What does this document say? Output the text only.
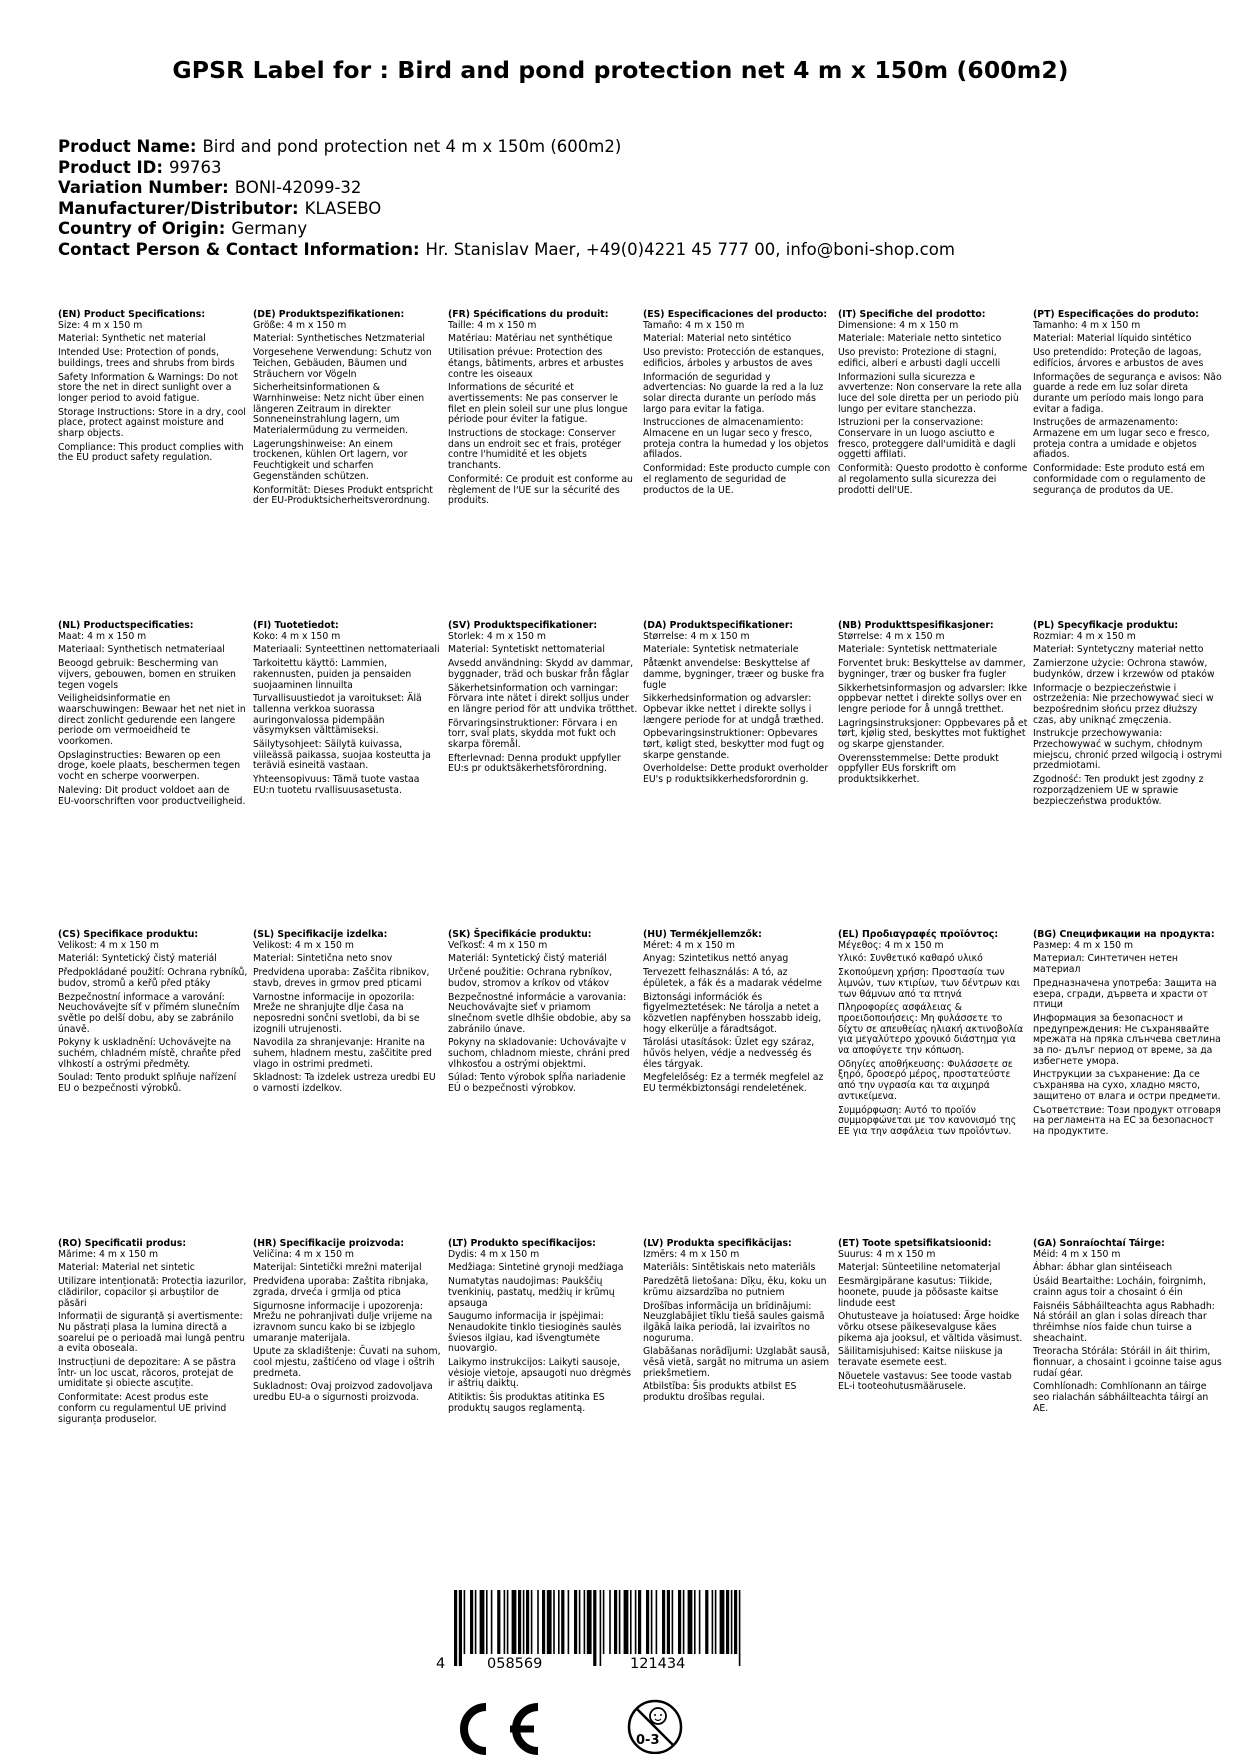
GPSR Label for : Bird and pond protection net 4 m x 150m (600m2)
Product Name: Bird and pond protection net 4 m x 150m (600m2)
Product ID: 99763
Variation Number: BONI-42099-32
Manufacturer/Distributor: KLASEBO
Country of Origin: Germany
Contact Person & Contact Information: Hr. Stanislav Maer, +49(0)4221 45 777 00, info@boni-shop.com
(EN) Product Specifications:
Size: 4 m x 150 m
Material: Synthetic net material
Intended Use: Protection of ponds, buildings, trees and shrubs from birds
Safety Information & Warnings: Do not store the net in direct sunlight over a longer period to avoid fatigue.
Storage Instructions: Store in a dry, cool place, protect against moisture and sharp objects.
Compliance: This product complies with the EU product safety regulation.
(DE) Produktspezifikationen:
Größe: 4 m x 150 m
Material: Synthetisches Netzmaterial
Vorgesehene Verwendung: Schutz von Teichen, Gebäuden, Bäumen und Sträuchern vor Vögeln
Sicherheitsinformationen & Warnhinweise: Netz nicht über einen längeren Zeitraum in direkter Sonneneinstrahlung lagern, um Materialermüdung zu vermeiden.
Lagerungshinweise: An einem trockenen, kühlen Ort lagern, vor Feuchtigkeit und scharfen Gegenständen schützen.
Konformität: Dieses Produkt entspricht der EU-Produktsicherheitsverordnung.
(FR) Spécifications du produit:
Taille: 4 m x 150 m
Matériau: Matériau net synthétique
Utilisation prévue: Protection des étangs, bâtiments, arbres et arbustes contre les oiseaux
Informations de sécurité et avertissements: Ne pas conserver le filet en plein soleil sur une plus longue période pour éviter la fatigue.
Instructions de stockage: Conserver dans un endroit sec et frais, protéger contre l'humidité et les objets tranchants.
Conformité: Ce produit est conforme au règlement de l'UE sur la sécurité des produits.
(ES) Especificaciones del producto:
Tamaño: 4 m x 150 m
Material: Material neto sintético
Uso previsto: Protección de estanques, edificios, árboles y arbustos de aves
Información de seguridad y advertencias: No guarde la red a la luz solar directa durante un período más largo para evitar la fatiga.
Instrucciones de almacenamiento: Almacene en un lugar seco y fresco, proteja contra la humedad y los objetos afilados.
Conformidad: Este producto cumple con el reglamento de seguridad de productos de la UE.
(IT) Specifiche del prodotto:
Dimensione: 4 m x 150 m
Materiale: Materiale netto sintetico
Uso previsto: Protezione di stagni, edifici, alberi e arbusti dagli uccelli
Informazioni sulla sicurezza e avvertenze: Non conservare la rete alla luce del sole diretta per un periodo più lungo per evitare stanchezza.
Istruzioni per la conservazione: Conservare in un luogo asciutto e fresco, proteggere dall'umidità e dagli oggetti affilati.
Conformità: Questo prodotto è conforme al regolamento sulla sicurezza dei prodotti dell'UE.
(PT) Especificações do produto:
Tamanho: 4 m x 150 m
Material: Material líquido sintético
Uso pretendido: Proteção de lagoas, edifícios, árvores e arbustos de aves
Informações de segurança e avisos: Não guarde a rede em luz solar direta durante um período mais longo para evitar a fadiga.
Instruções de armazenamento: Armazene em um lugar seco e fresco, proteja contra a umidade e objetos afiados.
Conformidade: Este produto está em conformidade com o regulamento de segurança de produtos da UE.
(NL) Productspecificaties:
Maat: 4 m x 150 m
Materiaal: Synthetisch netmateriaal
Beoogd gebruik: Bescherming van vijvers, gebouwen, bomen en struiken tegen vogels
Veiligheidsinformatie en waarschuwingen: Bewaar het net niet in direct zonlicht gedurende een langere periode om vermoeidheid te voorkomen.
Opslaginstructies: Bewaren op een droge, koele plaats, beschermen tegen vocht en scherpe voorwerpen.
Naleving: Dit product voldoet aan de EU-voorschriften voor productveiligheid.
(FI) Tuotetiedot:
Koko: 4 m x 150 m
Materiaali: Synteettinen nettomateriaali
Tarkoitettu käyttö: Lammien, rakennusten, puiden ja pensaiden suojaaminen linnuilta
Turvallisuustiedot ja varoitukset: Älä tallenna verkkoa suorassa auringonvalossa pidempään väsymyksen välttämiseksi.
Säilytysohjeet: Säilytä kuivassa, viileässä paikassa, suojaa kosteutta ja teräviä esineitä vastaan.
Yhteensopivuus: Tämä tuote vastaa EU:n tuotetu rvallisuusasetusta.
(SV) Produktspecifikationer:
Storlek: 4 m x 150 m
Material: Syntetiskt nettomaterial
Avsedd användning: Skydd av dammar, byggnader, träd och buskar från fåglar
Säkerhetsinformation och varningar: Förvara inte nätet i direkt solljus under en längre period för att undvika trötthet.
Förvaringsinstruktioner: Förvara i en torr, sval plats, skydda mot fukt och skarpa föremål.
Efterlevnad: Denna produkt uppfyller EU:s pr oduktsäkerhetsförordning.
(DA) Produktspecifikationer:
Størrelse: 4 m x 150 m
Materiale: Syntetisk netmateriale
Påtænkt anvendelse: Beskyttelse af damme, bygninger, træer og buske fra fugle
Sikkerhedsinformation og advarsler: Opbevar ikke nettet i direkte sollys i længere periode for at undgå træthed.
Opbevaringsinstruktioner: Opbevares tørt, køligt sted, beskytter mod fugt og skarpe genstande.
Overholdelse: Dette produkt overholder EU's p roduktsikkerhedsforordnin g.
(NB) Produkttspesifikasjoner:
Størrelse: 4 m x 150 m
Materiale: Syntetisk nettmateriale
Forventet bruk: Beskyttelse av dammer, bygninger, trær og busker fra fugler
Sikkerhetsinformasjon og advarsler: Ikke oppbevar nettet i direkte sollys over en lengre periode for å unngå tretthet.
Lagringsinstruksjoner: Oppbevares på et tørt, kjølig sted, beskyttes mot fuktighet og skarpe gjenstander.
Overensstemmelse: Dette produkt oppfyller EUs forskrift om produktsikkerhet.
(PL) Specyfikacje produktu:
Rozmiar: 4 m x 150 m
Materiał: Syntetyczny materiał netto
Zamierzone użycie: Ochrona stawów, budynków, drzew i krzewów od ptaków
Informacje o bezpieczeństwie i ostrzeżenia: Nie przechowywać sieci w bezpośrednim słońcu przez dłuższy czas, aby uniknąć zmęczenia.
Instrukcje przechowywania: Przechowywać w suchym, chłodnym miejscu, chronić przed wilgocią i ostrymi przedmiotami.
Zgodność: Ten produkt jest zgodny z rozporządzeniem UE w sprawie bezpieczeństwa produktów.
(CS) Specifikace produktu:
Velikost: 4 m x 150 m
Materiál: Syntetický čistý materiál
Předpokládané použití: Ochrana rybníků, budov, stromů a keřů před ptáky
Bezpečnostní informace a varování: Neuchovávejte síť v přímém slunečním světle po delší dobu, aby se zabránilo únavě.
Pokyny k uskladnění: Uchovávejte na suchém, chladném místě, chraňte před vlhkostí a ostrými předměty.
Soulad: Tento produkt splňuje nařízení EU o bezpečnosti výrobků.
(SL) Specifikacije izdelka:
Velikost: 4 m x 150 m
Material: Sintetična neto snov
Predvidena uporaba: Zaščita ribnikov, stavb, dreves in grmov pred pticami
Varnostne informacije in opozorila: Mreže ne shranjujte dlje časa na neposredni sončni svetlobi, da bi se izognili utrujenosti.
Navodila za shranjevanje: Hranite na suhem, hladnem mestu, zaščitite pred vlago in ostrimi predmeti.
Skladnost: Ta izdelek ustreza uredbi EU o varnosti izdelkov.
(SK) Špecifikácie produktu:
Veľkosť: 4 m x 150 m
Materiál: Syntetický čistý materiál
Určené použitie: Ochrana rybníkov, budov, stromov a kríkov od vtákov
Bezpečnostné informácie a varovania: Neuchovávajte sieť v priamom slnečnom svetle dlhšie obdobie, aby sa zabránilo únave.
Pokyny na skladovanie: Uchovávajte v suchom, chladnom mieste, chráni pred vlhkosťou a ostrými objektmi.
Súlad: Tento výrobok spĺňa nariadenie EÚ o bezpečnosti výrobkov.
(HU) Termékjellemzők:
Méret: 4 m x 150 m
Anyag: Szintetikus nettó anyag
Tervezett felhasználás: A tó, az épületek, a fák és a madarak védelme
Biztonsági információk és figyelmeztetések: Ne tárolja a netet a közvetlen napfényben hosszabb ideig, hogy elkerülje a fáradtságot.
Tárolási utasítások: Üzlet egy száraz, hűvös helyen, védje a nedvesség és éles tárgyak.
Megfelelőség: Ez a termék megfelel az EU termékbiztonsági rendeletének.
(EL) Προδιαγραφές προϊόντος:
Μέγεθος: 4 m x 150 m
Υλικό: Συνθετικό καθαρό υλικό
Σκοπούμενη χρήση: Προστασία των λιμνών, των κτιρίων, των δέντρων και των θάμνων από τα πτηνά
Πληροφορίες ασφάλειας & προειδοποιήσεις: Μη φυλάσσετε το δίχτυ σε απευθείας ηλιακή ακτινοβολία για μεγαλύτερο χρονικό διάστημα για να αποφύγετε την κόπωση.
Οδηγίες αποθήκευσης: Φυλάσσετε σε ξηρό, δροσερό μέρος, προστατεύστε από την υγρασία και τα αιχμηρά αντικείμενα.
Συμμόρφωση: Αυτό το προϊόν συμμορφώνεται με τον κανονισμό της ΕΕ για την ασφάλεια των προϊόντων.
(BG) Спецификации на продукта:
Размер: 4 m x 150 m
Материал: Синтетичен нетен материал
Предназначена употреба: Защита на езера, сгради, дървета и храсти от птици
Информация за безопасност и предупреждения: Не съхранявайте мрежата на пряка слънчева светлина за по- дълъг период от време, за да избегнете умора.
Инструкции за съхранение: Да се съхранява на сухо, хладно място, защитено от влага и остри предмети.
Съответствие: Този продукт отговаря на регламента на ЕС за безопасност на продуктите.
(RO) Specificatii produs:
Mărime: 4 m x 150 m
Material: Material net sintetic
Utilizare intenționată: Protecția iazurilor, clădirilor, copacilor și arbuștilor de păsări
Informații de siguranță și avertismente: Nu păstrați plasa la lumina directă a soarelui pe o perioadă mai lungă pentru a evita oboseala.
Instrucțiuni de depozitare: A se păstra într- un loc uscat, răcoros, protejat de umiditate și obiecte ascuțite.
Conformitate: Acest produs este conform cu regulamentul UE privind siguranța produselor.
(HR) Specifikacije proizvoda:
Veličina: 4 m x 150 m
Materijal: Sintetički mrežni materijal
Predviđena uporaba: Zaštita ribnjaka, zgrada, drveća i grmlja od ptica
Sigurnosne informacije i upozorenja: Mrežu ne pohranjivati dulje vrijeme na izravnom suncu kako bi se izbjeglo umaranje materijala.
Upute za skladištenje: Čuvati na suhom, cool mjestu, zaštićeno od vlage i oštrih predmeta.
Sukladnost: Ovaj proizvod zadovoljava uredbu EU-a o sigurnosti proizvoda.
(LT) Produkto specifikacijos:
Dydis: 4 m x 150 m
Medžiaga: Sintetinė grynoji medžiaga
Numatytas naudojimas: Paukščių tvenkinių, pastatų, medžių ir krūmų apsauga
Saugumo informacija ir įspėjimai: Nenaudokite tinklo tiesioginės saulės šviesos ilgiau, kad išvengtumėte nuovargio.
Laikymo instrukcijos: Laikyti sausoje, vėsioje vietoje, apsaugoti nuo drėgmės ir aštrių daiktų.
Atitiktis: Šis produktas atitinka ES produktų saugos reglamentą.
(LV) Produkta specifikācijas:
Izmērs: 4 m x 150 m
Materiāls: Sintētiskais neto materiāls
Paredzētā lietošana: Dīķu, ēku, koku un krūmu aizsardzība no putniem
Drošības informācija un brīdinājumi: Neuzglabājiet tīklu tiešā saules gaismā ilgākā laika periodā, lai izvairītos no noguruma.
Glabāšanas norādījumi: Uzglabāt sausā, vēsā vietā, sargāt no mitruma un asiem priekšmetiem.
Atbilstība: Šis produkts atbilst ES produktu drošības regulai.
(ET) Toote spetsifikatsioonid:
Suurus: 4 m x 150 m
Materjal: Sünteetiline netomaterjal
Eesmärgipärane kasutus: Tiikide, hoonete, puude ja põõsaste kaitse lindude eest
Ohutusteave ja hoiatused: Ärge hoidke võrku otsese päikesevalguse käes pikema aja jooksul, et vältida väsimust.
Säilitamisjuhised: Kaitse niiskuse ja teravate esemete eest.
Nõuetele vastavus: See toode vastab EL-i tooteohutusmäärusele.
(GA) Sonraíochtaí Táirge:
Méid: 4 m x 150 m
Ábhar: ábhar glan sintéiseach
Úsáid Beartaithe: Locháin, foirgnimh, crainn agus toir a chosaint ó éin
Faisnéis Sábháilteachta agus Rabhadh: Ná stóráil an glan i solas díreach thar thréimhse níos faide chun tuirse a sheachaint.
Treoracha Stórála: Stóráil in áit thirim, fionnuar, a chosaint i gcoinne taise agus rudaí géar.
Comhlíonadh: Comhlíonann an táirge seo rialachán sábháilteachta táirgí an AE.
4	058569	121434
0-3
